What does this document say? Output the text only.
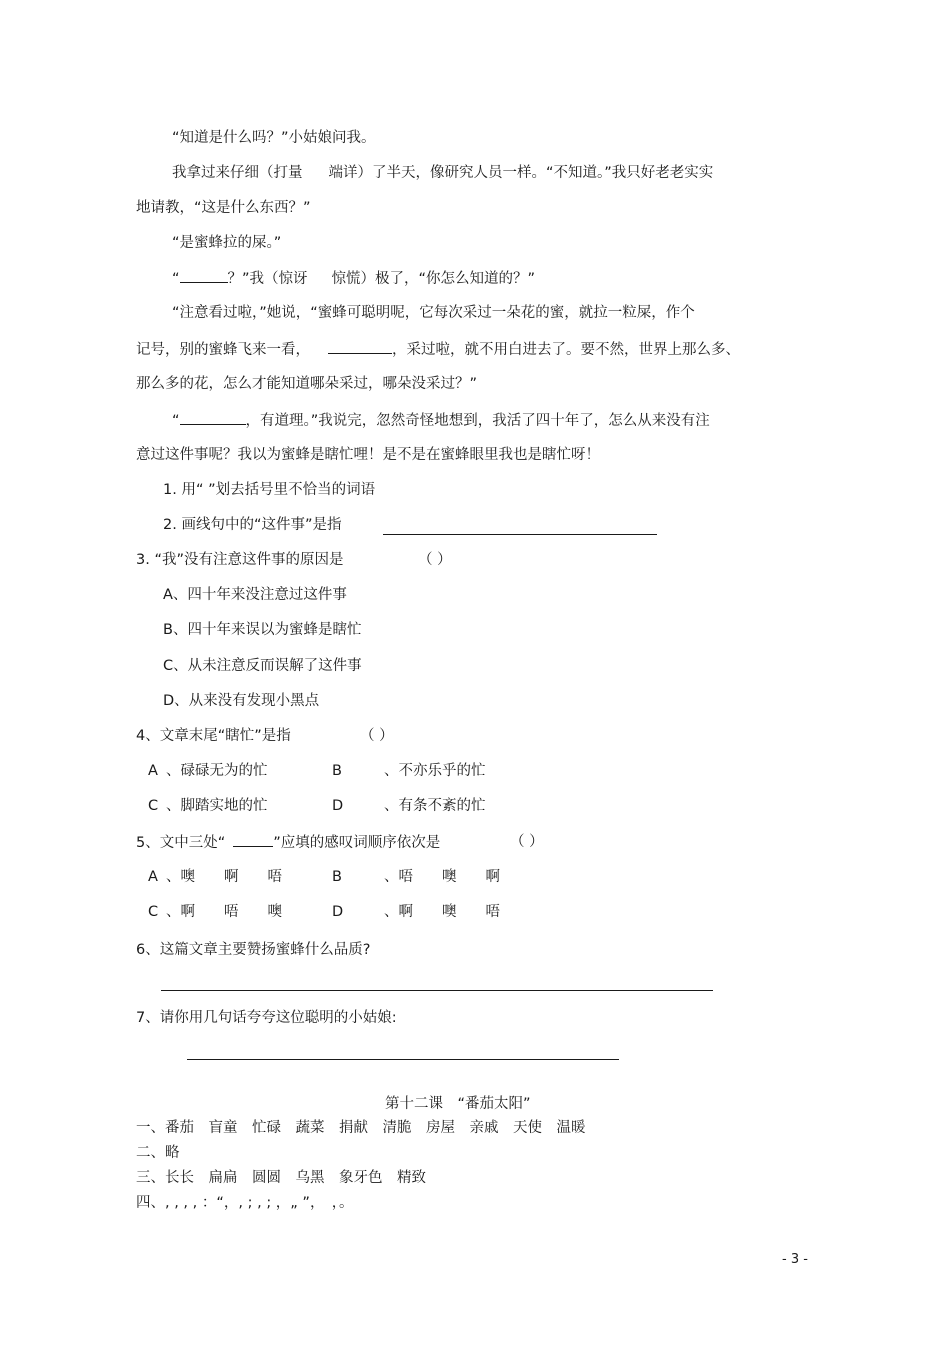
“知道是什么吗？”小姑娘问我。
我拿过来仔细（打量 端详）了半天，像研究人员一样。“不知道。”我只好老老实实
地请教，“这是什么东西？”
“是蜜蜂拉的屎。”
“	？”我（惊讶 惊慌）极了，“你怎么知道的？”
“注意看过啦，”她说，“蜜蜂可聪明呢，它每次采过一朵花的蜜，就拉一粒屎，作个
记号，别的蜜蜂飞来一看，	，采过啦，就不用白进去了。要不然，世界上那么多、
那么多的花，怎么才能知道哪朵采过，哪朵没采过？”
“	，有道理。”我说完，忽然奇怪地想到，我活了四十年了，怎么从来没有注
意过这件事呢？我以为蜜蜂是瞎忙哩！是不是在蜜蜂眼里我也是瞎忙呀！
1. 用“ ”划去括号里不恰当的词语
2. 画线句中的“这件事”是指
3. “我”没有注意这件事的原因是	（ ）
A、四十年来没注意过这件事
B、四十年来误以为蜜蜂是瞎忙
C、从未注意反而误解了这件事
D、从来没有发现小黑点
4、文章末尾“瞎忙”是指	（ ）
A 、碌碌无为的忙	B	、不亦乐乎的忙
C 、脚踏实地的忙	D	、有条不紊的忙
5、文中三处“	”应填的感叹词顺序依次是	（ ）
A 、噢　　啊　　唔	B	、唔　　噢　　啊
C 、啊　　唔　　噢	D	、啊　　噢　　唔
6、这篇文章主要赞扬蜜蜂什么品质?
7、请你用几句话夸夸这位聪明的小姑娘:
第十二课　“番茄太阳”
一、番茄　盲童　忙碌　蔬菜　捐献　清脆　房屋　亲戚　天使　温暖
二、略
三、长长　扁扁　圆圆　乌黑　象牙色　精致
四、, , , , ：“，, ; , ; ，„ ”，　，。
- 3 -
